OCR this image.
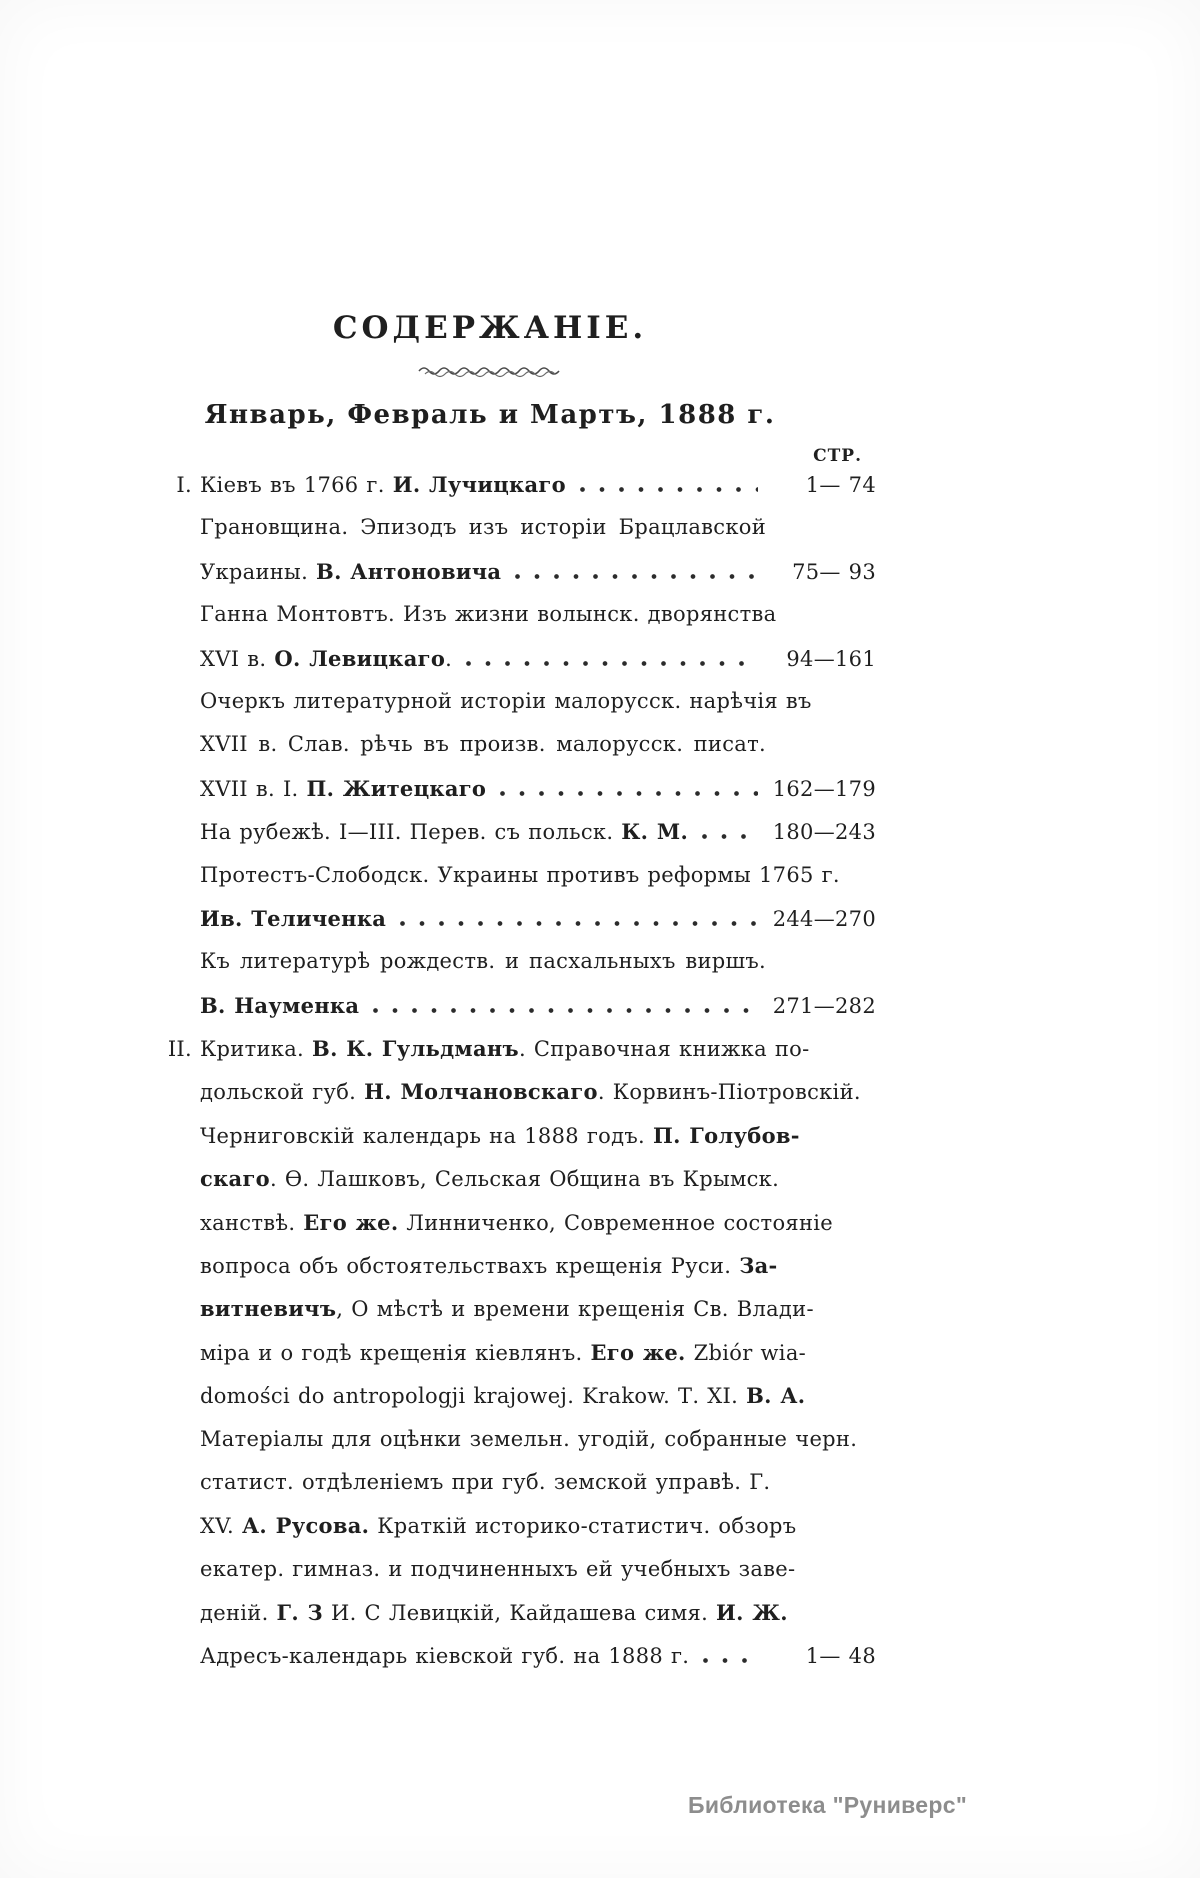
СОДЕРЖАНІЕ.
Январь, Февраль и Мартъ, 1888 г.
СТР.
I. Кіевъ въ 1766 г. И. Лучицкаго	1— 74
Грановщина. Эпизодъ изъ исторіи Брацлавской
Украины. В. Антоновича	75— 93
Ганна Монтовтъ. Изъ жизни волынск. дворянства
XVI в. О. Левицкаго.	94—161
Очеркъ литературной исторіи малорусск. нарѣчія въ
XVII в. Слав. рѣчь въ произв. малорусск. писат.
XVII в. I. П. Житецкаго	162—179
На рубежѣ. I—III. Перев. съ польск. К. М.	180—243
Протестъ-Слободск. Украины противъ реформы 1765 г.
Ив. Теличенка	244—270
Къ литературѣ рождеств. и пасхальныхъ виршъ.
В. Науменка	271—282
II. Критика. В. К. Гульдманъ. Справочная книжка по-
дольской губ. Н. Молчановскаго. Корвинъ-Піотровскій.
Черниговскій календарь на 1888 годъ. П. Голубов-
скаго. Ѳ. Лашковъ, Сельская Община въ Крымск.
ханствѣ. Его же. Линниченко, Современное состояніе
вопроса объ обстоятельствахъ крещенія Руси. За-
витневичъ, О мѣстѣ и времени крещенія Св. Влади-
міра и о годѣ крещенія кіевлянъ. Его же. Zbiór wia-
domości do antropologji krajowej. Krakow. Т. XI. В. А.
Матеріалы для оцѣнки земельн. угодій, собранные черн.
статист. отдѣленіемъ при губ. земской управѣ. Г.
XV. А. Русова. Краткій историко-статистич. обзоръ
екатер. гимназ. и подчиненныхъ ей учебныхъ заве-
деній. Г. З И. С Левицкій, Кайдашева симя. И. Ж.
Адресъ-календарь кіевской губ. на 1888 г.	1— 48
Библиотека "Руниверс"
